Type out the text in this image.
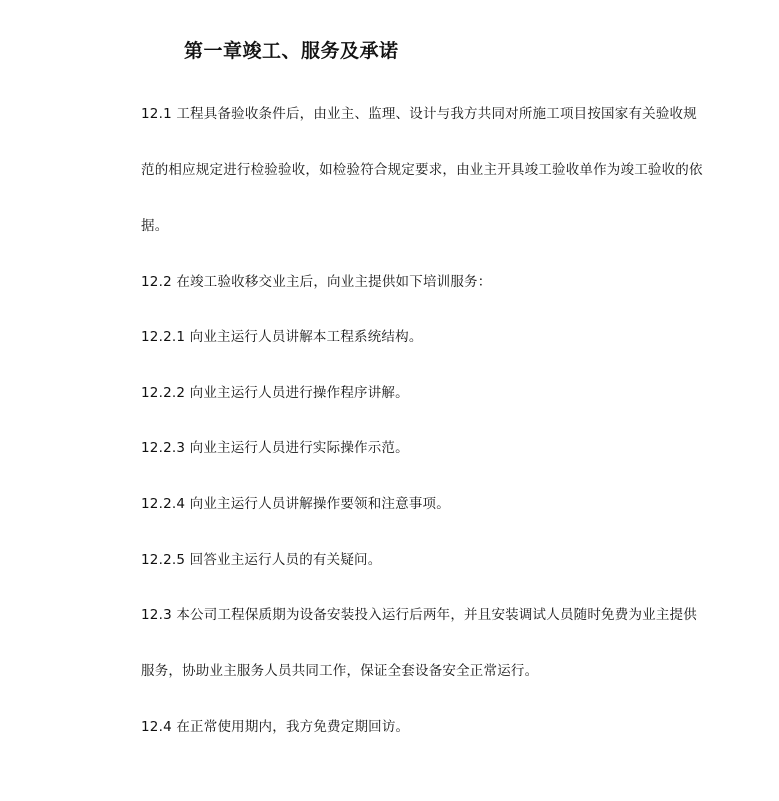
第一章竣工、服务及承诺
12.1 工程具备验收条件后，由业主、监理、设计与我方共同对所施工项目按国家有关验收规
范的相应规定进行检验验收，如检验符合规定要求，由业主开具竣工验收单作为竣工验收的依
据。
12.2 在竣工验收移交业主后，向业主提供如下培训服务：
12.2.1 向业主运行人员讲解本工程系统结构。
12.2.2 向业主运行人员进行操作程序讲解。
12.2.3 向业主运行人员进行实际操作示范。
12.2.4 向业主运行人员讲解操作要领和注意事项。
12.2.5 回答业主运行人员的有关疑问。
12.3 本公司工程保质期为设备安装投入运行后两年，并且安装调试人员随时免费为业主提供
服务，协助业主服务人员共同工作，保证全套设备安全正常运行。
12.4 在正常使用期内，我方免费定期回访。
